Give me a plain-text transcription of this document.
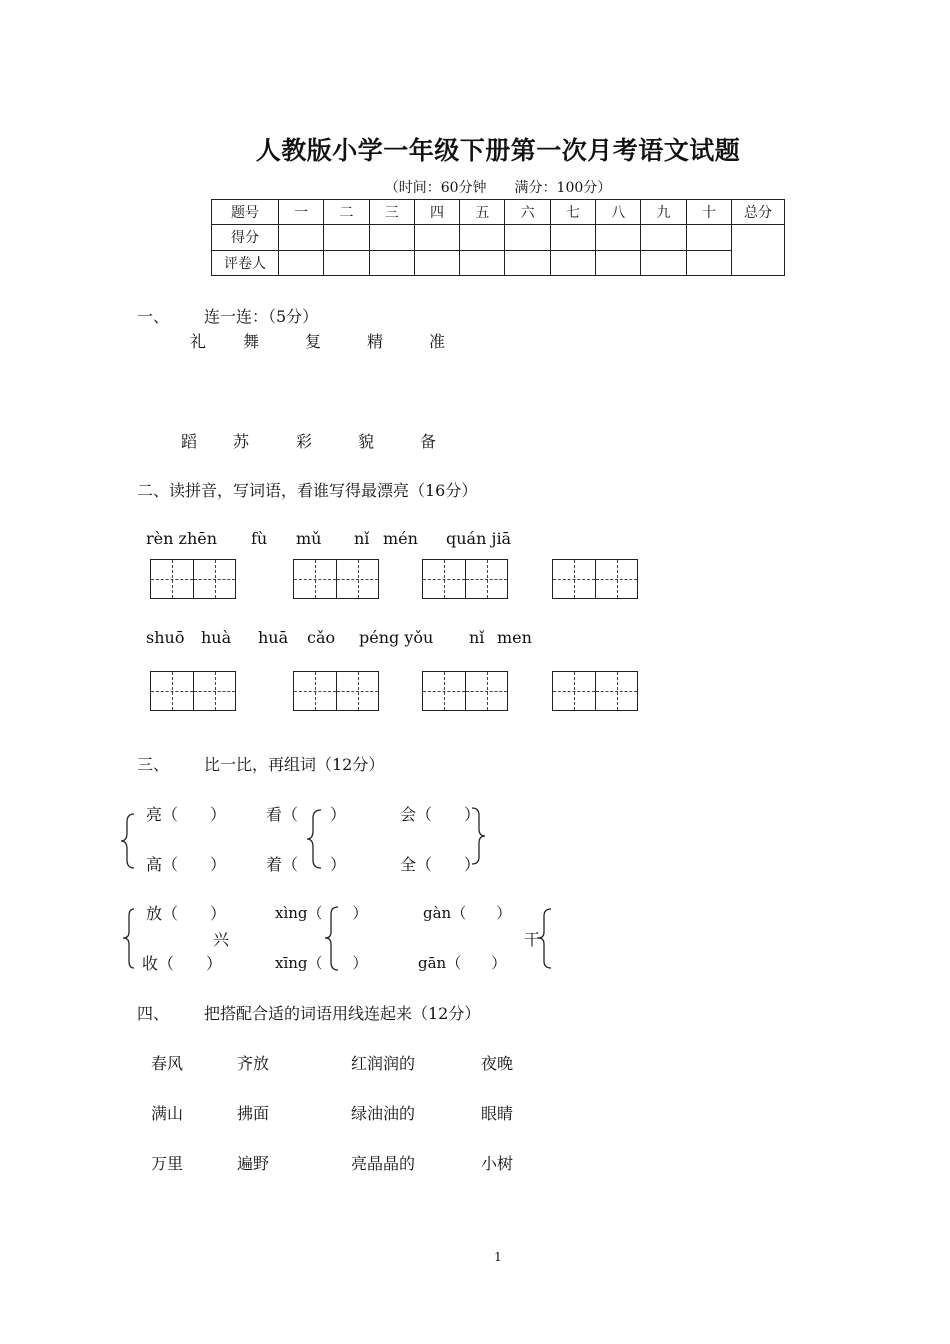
人教版小学一年级下册第一次月考语文试题
（时间：60分钟　　满分：100分）
题号	一	二	三	四	五	六	七	八	九	十	总分
得分											
评卷人											
一、 连一连：（5分）
礼 舞	复	精	准
蹈 苏	彩	貌	备
二、读拼音，写词语，看谁写得最漂亮（16分）
rèn zhēn fù mǔ nǐ mén quán jiā
shuō huà huā cǎo péng yǒu nǐ men
三、 比一比，再组词（12分）
亮（　　） 看（　　）	会（　　）
高（　　） 着（　　）	全（　　）
放（　　）	xìng（　　）	gàn（　　）
兴	干
收（　　）	xīng（　　）	gān（　　）
四、 把搭配合适的词语用线连起来（12分）
春风	齐放	红润润的	夜晚
满山	拂面	绿油油的	眼睛
万里	遍野	亮晶晶的	小树
1
